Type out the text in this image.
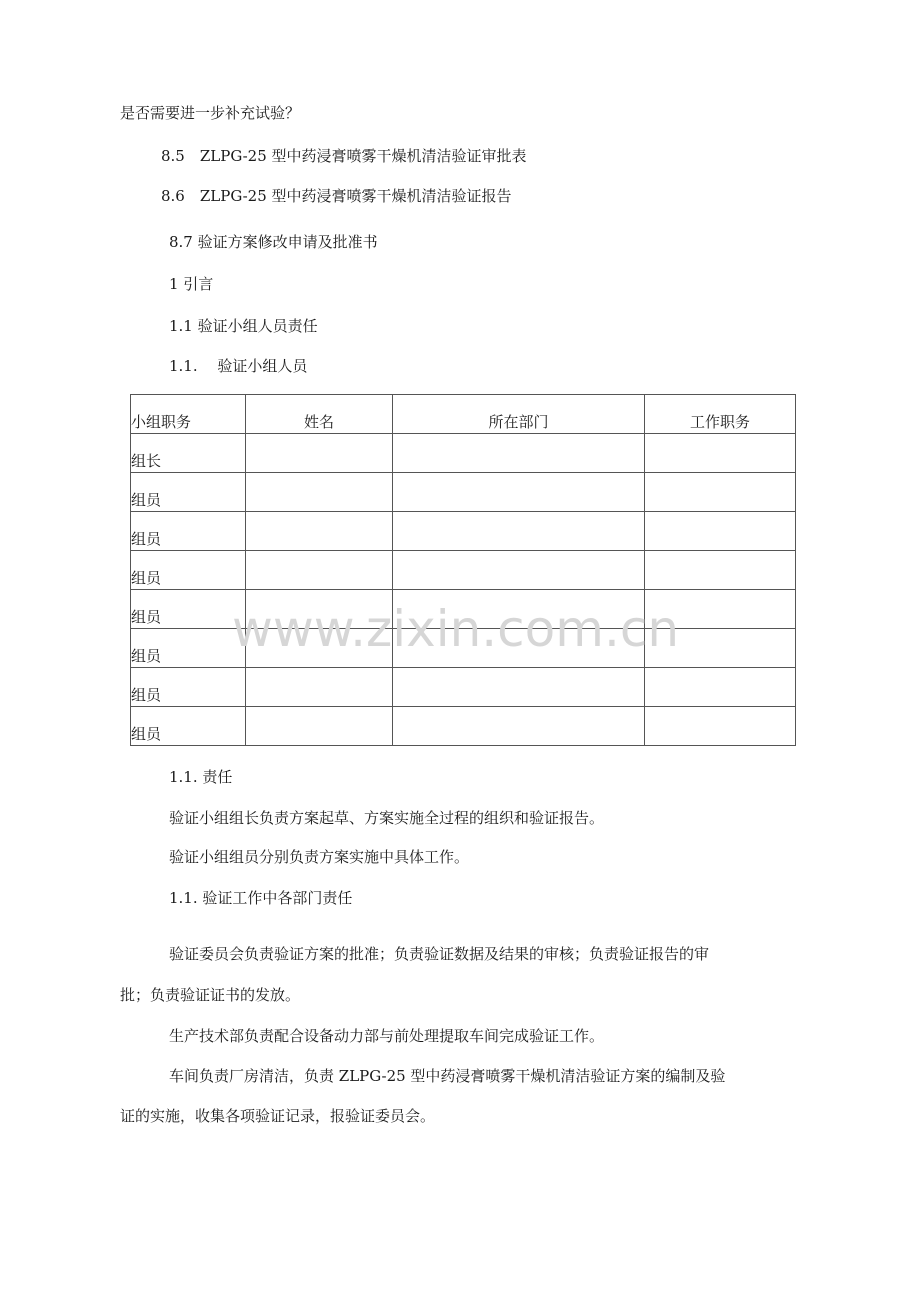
是否需要进一步补充试验？
8.5　ZLPG-25 型中药浸膏喷雾干燥机清洁验证审批表
8.6　ZLPG-25 型中药浸膏喷雾干燥机清洁验证报告
8.7 验证方案修改申请及批准书
1 引言
1.1 验证小组人员责任
1.1.　 验证小组人员
小组职务	姓名	所在部门	工作职务

组长			

组员			

组员			

组员			

组员			

组员			

组员			

组员			

www.zixin.com.cn
1.1. 责任
验证小组组长负责方案起草、方案实施全过程的组织和验证报告。
验证小组组员分别负责方案实施中具体工作。
1.1. 验证工作中各部门责任
验证委员会负责验证方案的批准；负责验证数据及结果的审核；负责验证报告的审
批；负责验证证书的发放。
生产技术部负责配合设备动力部与前处理提取车间完成验证工作。
车间负责厂房清洁，负责 ZLPG-25 型中药浸膏喷雾干燥机清洁验证方案的编制及验
证的实施，收集各项验证记录，报验证委员会。
